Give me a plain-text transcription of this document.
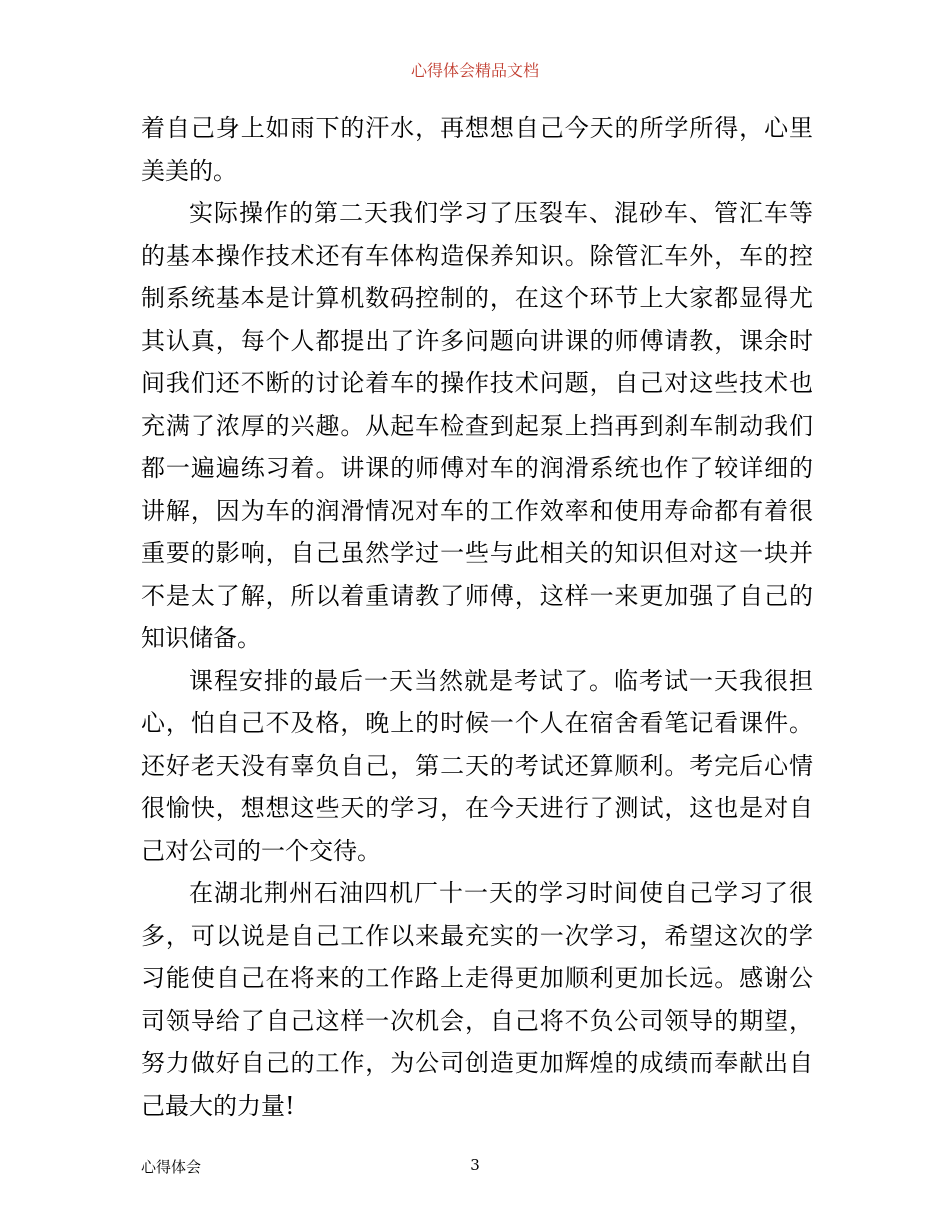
心得体会精品文档
着自己身上如雨下的汗水，再想想自己今天的所学所得，心里
美美的。
实际操作的第二天我们学习了压裂车、混砂车、管汇车等
的基本操作技术还有车体构造保养知识。除管汇车外，车的控
制系统基本是计算机数码控制的，在这个环节上大家都显得尤
其认真，每个人都提出了许多问题向讲课的师傅请教，课余时
间我们还不断的讨论着车的操作技术问题，自己对这些技术也
充满了浓厚的兴趣。从起车检查到起泵上挡再到刹车制动我们
都一遍遍练习着。讲课的师傅对车的润滑系统也作了较详细的
讲解，因为车的润滑情况对车的工作效率和使用寿命都有着很
重要的影响，自己虽然学过一些与此相关的知识但对这一块并
不是太了解，所以着重请教了师傅，这样一来更加强了自己的
知识储备。
课程安排的最后一天当然就是考试了。临考试一天我很担
心，怕自己不及格，晚上的时候一个人在宿舍看笔记看课件。
还好老天没有辜负自己，第二天的考试还算顺利。考完后心情
很愉快，想想这些天的学习，在今天进行了测试，这也是对自
己对公司的一个交待。
在湖北荆州石油四机厂十一天的学习时间使自己学习了很
多，可以说是自己工作以来最充实的一次学习，希望这次的学
习能使自己在将来的工作路上走得更加顺利更加长远。感谢公
司领导给了自己这样一次机会，自己将不负公司领导的期望，
努力做好自己的工作，为公司创造更加辉煌的成绩而奉献出自
己最大的力量!
心得体会	3
